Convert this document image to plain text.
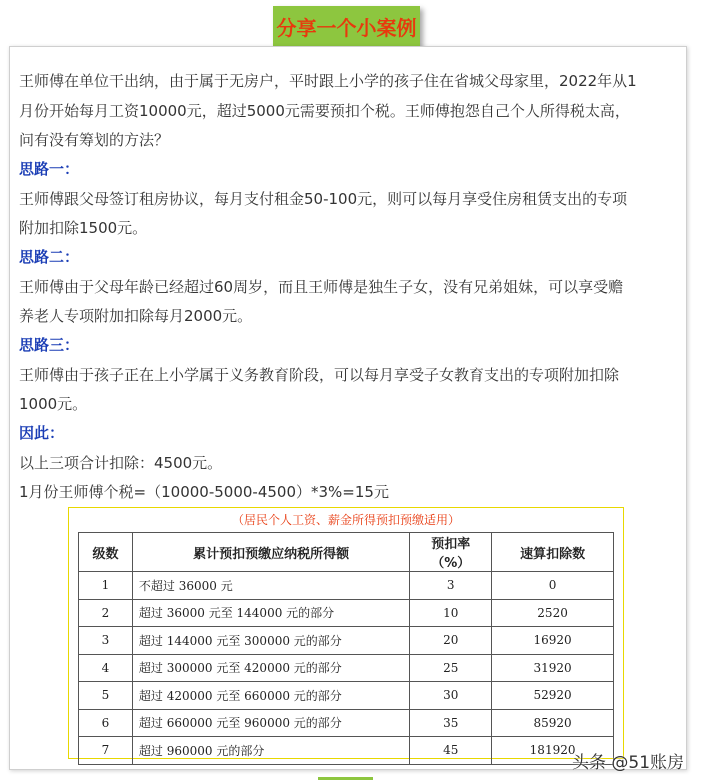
分享一个小案例
王师傅在单位干出纳，由于属于无房户，平时跟上小学的孩子住在省城父母家里，2022年从1
月份开始每月工资10000元，超过5000元需要预扣个税。王师傅抱怨自己个人所得税太高，
问有没有筹划的方法？
思路一：
王师傅跟父母签订租房协议，每月支付租金50-100元，则可以每月享受住房租赁支出的专项
附加扣除1500元。
思路二：
王师傅由于父母年龄已经超过60周岁，而且王师傅是独生子女，没有兄弟姐妹，可以享受赡
养老人专项附加扣除每月2000元。
思路三：
王师傅由于孩子正在上小学属于义务教育阶段，可以每月享受子女教育支出的专项附加扣除
1000元。
因此：
以上三项合计扣除：4500元。
1月份王师傅个税=（10000-5000-4500）*3%=15元
（居民个人工资、薪金所得预扣预缴适用）
级数	累计预扣预缴应纳税所得额	预扣率（%）	速算扣除数
1	不超过 36000 元	3	0
2	超过 36000 元至 144000 元的部分	10	2520
3	超过 144000 元至 300000 元的部分	20	16920
4	超过 300000 元至 420000 元的部分	25	31920
5	超过 420000 元至 660000 元的部分	30	52920
6	超过 660000 元至 960000 元的部分	35	85920
7	超过 960000 元的部分	45	181920
头条 @51账房
